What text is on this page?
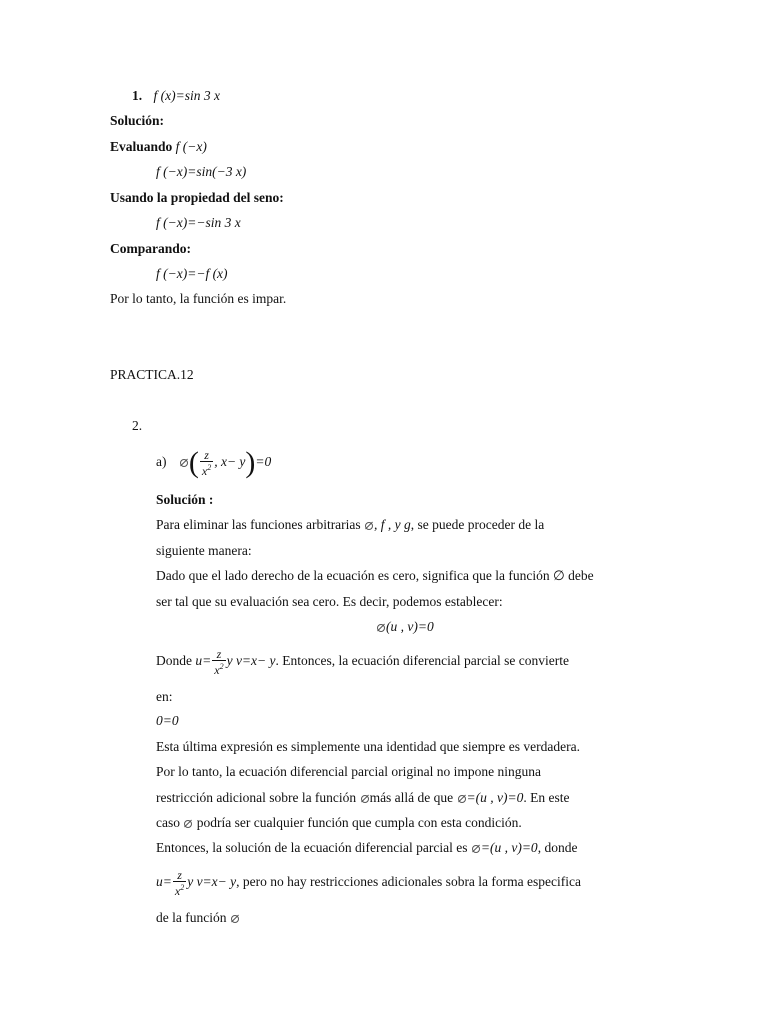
1. f (x)=sin 3 x
Solución:
Evaluando f (−x)
f (−x)=sin(−3 x)
Usando la propiedad del seno:
f (−x)=−sin 3 x
Comparando:
f (−x)=−f (x)
Por lo tanto, la función es impar.
PRACTICA.12
2.
a) ( $\frac{z}{x^2}$ , x− y)=0
Solución :
Para eliminar las funciones arbitrarias , f , y g, se puede proceder de la
siguiente manera:
Dado que el lado derecho de la ecuación es cero, significa que la función ∅ debe
ser tal que su evaluación sea cero. Es decir, podemos establecer:
(u , v)=0
Donde $u= \frac{z}{x^2}$ y v=x− y. Entonces, la ecuación diferencial parcial se convierte
en:
0=0
Esta última expresión es simplemente una identidad que siempre es verdadera.
Por lo tanto, la ecuación diferencial parcial original no impone ninguna
restricción adicional sobre la función más allá de que =(u , v)=0. En este
caso podría ser cualquier función que cumpla con esta condición.
Entonces, la solución de la ecuación diferencial parcial es =(u , v)=0, donde
$u= \frac{z}{x^2}$ y v=x− y, pero no hay restricciones adicionales sobra la forma especifica
de la función
